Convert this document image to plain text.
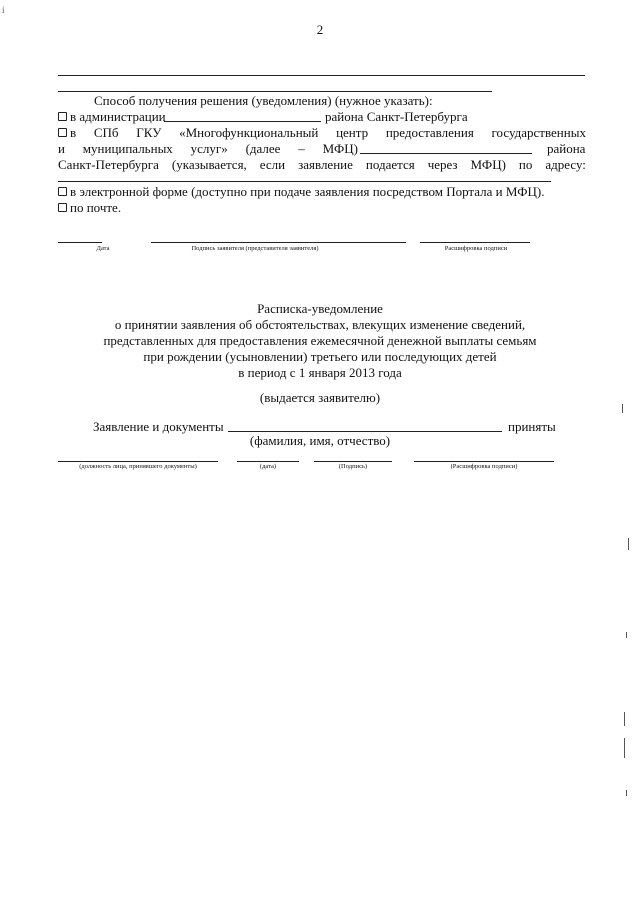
i
2
Способ получения решения (уведомления) (нужное указать):
в администрации	района Санкт-Петербурга
в СПб ГКУ «Многофункциональный центр предоставления государственных
и муниципальных услуг» (далее – МФЦ)	района
Санкт-Петербурга (указывается, если заявление подается через МФЦ) по адресу:
в электронной форме (доступно при подаче заявления посредством Портала и МФЦ).
по почте.
Дата	Подпись заявителя (представителя заявителя)	Расшифровка подписи
Расписка-уведомление
о принятии заявления об обстоятельствах, влекущих изменение сведений,
представленных для предоставления ежемесячной денежной выплаты семьям
при рождении (усыновлении) третьего или последующих детей
в период с 1 января 2013 года
(выдается заявителю)
Заявление и документы	приняты
(фамилия, имя, отчество)
(должность лица, принявшего документы)	(дата)	(Подпись)	(Расшифровка подписи)
